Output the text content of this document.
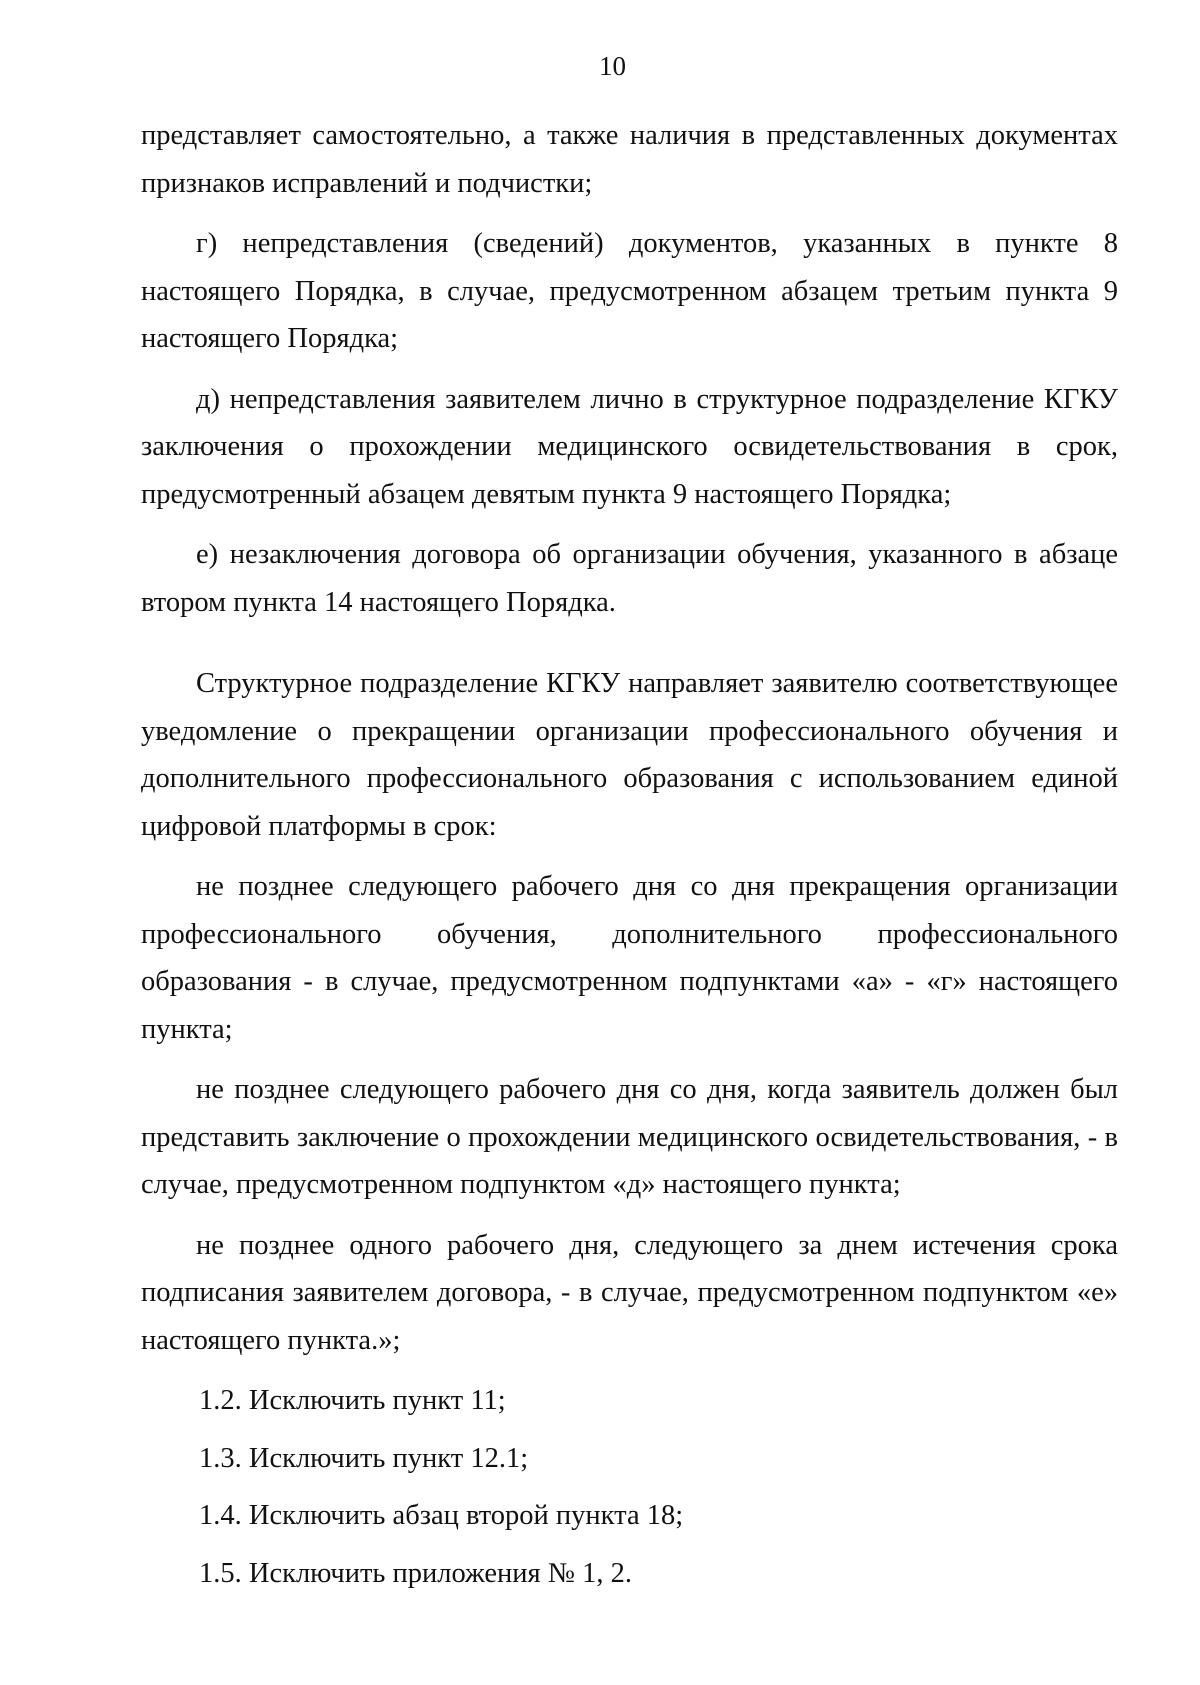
10

представляет самостоятельно, а также наличия в представленных документах признаков исправлений и подчистки;

г) непредставления (сведений) документов, указанных в пункте 8 настоящего Порядка, в случае, предусмотренном абзацем третьим пункта 9 настоящего Порядка;

д) непредставления заявителем лично в структурное подразделение КГКУ заключения о прохождении медицинского освидетельствования в срок, предусмотренный абзацем девятым пункта 9 настоящего Порядка;

е) незаключения договора об организации обучения, указанного в абзаце втором пункта 14 настоящего Порядка.

Структурное подразделение КГКУ направляет заявителю соответствующее уведомление о прекращении организации профессионального обучения и дополнительного профессионального образования с использованием единой цифровой платформы в срок:

не позднее следующего рабочего дня со дня прекращения организации профессионального обучения, дополнительного профессионального образования - в случае, предусмотренном подпунктами «а» - «г» настоящего пункта;

не позднее следующего рабочего дня со дня, когда заявитель должен был представить заключение о прохождении медицинского освидетельствования, - в случае, предусмотренном подпунктом «д» настоящего пункта;

не позднее одного рабочего дня, следующего за днем истечения срока подписания заявителем договора, - в случае, предусмотренном подпунктом «е» настоящего пункта.»;

1.2. Исключить пункт 11;
1.3. Исключить пункт 12.1;
1.4. Исключить абзац второй пункта 18;
1.5. Исключить приложения № 1, 2.
